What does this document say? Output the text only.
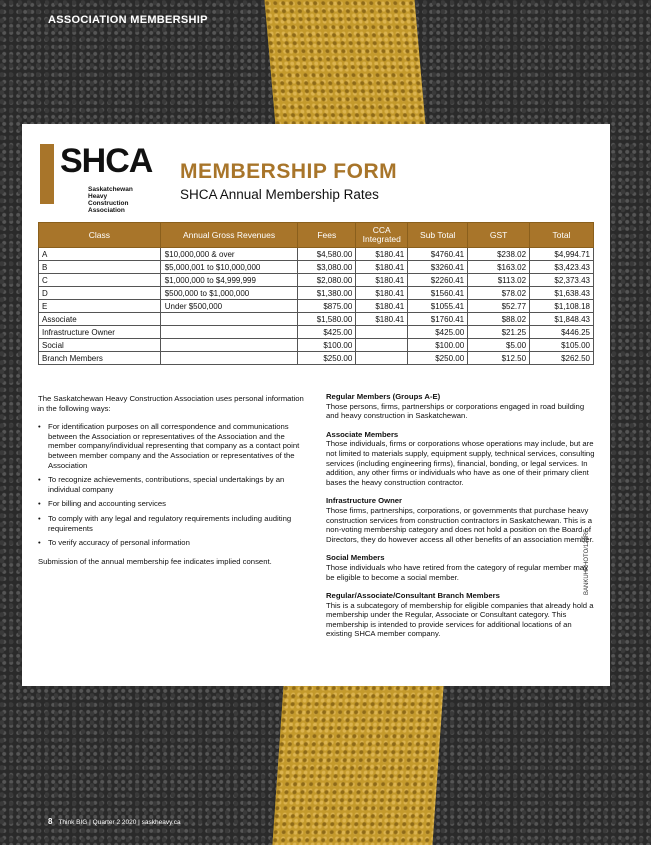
ASSOCIATION MEMBERSHIP
SHCA
Saskatchewan Heavy Construction Association
MEMBERSHIP FORM
SHCA Annual Membership Rates
Class	Annual Gross Revenues	Fees	CCA Integrated	Sub Total	GST	Total
A	$10,000,000 & over	$4,580.00	$180.41	$4760.41	$238.02	$4,994.71
B	$5,000,001 to $10,000,000	$3,080.00	$180.41	$3260.41	$163.02	$3,423.43
C	$1,000,000 to $4,999,999	$2,080.00	$180.41	$2260.41	$113.02	$2,373.43
D	$500,000 to $1,000,000	$1,380.00	$180.41	$1560.41	$78.02	$1,638.43
E	Under $500,000	$875.00	$180.41	$1055.41	$52.77	$1,108.18
Associate		$1,580.00	$180.41	$1760.41	$88.02	$1,848.43
Infrastructure Owner		$425.00		$425.00	$21.25	$446.25
Social		$100.00		$100.00	$5.00	$105.00
Branch Members		$250.00		$250.00	$12.50	$262.50

The Saskatchewan Heavy Construction Association uses personal information in the following ways:

• For identification purposes on all correspondence and communications between the Association or representatives of the Association and the member company/individual representing that company as a contact point between member company and the Association or representatives of the Association
• To recognize achievements, contributions, special undertakings by an individual company
• For billing and accounting services
• To comply with any legal and regulatory requirements including auditing requirements
• To verify accuracy of personal information

Submission of the annual membership fee indicates implied consent.

Regular Members (Groups A-E)

Those persons, firms, partnerships or corporations engaged in road building and heavy construction in Saskatchewan.

Associate Members

Those individuals, firms or corporations whose operations may include, but are not limited to materials supply, equipment supply, technical services, consulting services (including engineering firms), financial, bonding, or legal services. In addition, any other firms or individuals who have as one of their primary client bases the heavy construction contractor.

Infrastructure Owner

Those firms, partnerships, corporations, or governments that purchase heavy construction services from construction contractors in Saskatchewan. This is a non-voting membership category and does not hold a position on the Board of Directors, they do however access all other benefits of an association member.

Social Members

Those individuals who have retired from the category of regular member may be eligible to become a social member.

Regular/Associate/Consultant Branch Members

This is a subcategory of membership for eligible companies that already hold a membership under the Regular, Associate or Consultant category. This membership is intended to provide services for additional locations of an existing SHCA member company.

BANKUHPHOTO/123RF
8 Think BIG | Quarter 2 2020 | saskheavy.ca
